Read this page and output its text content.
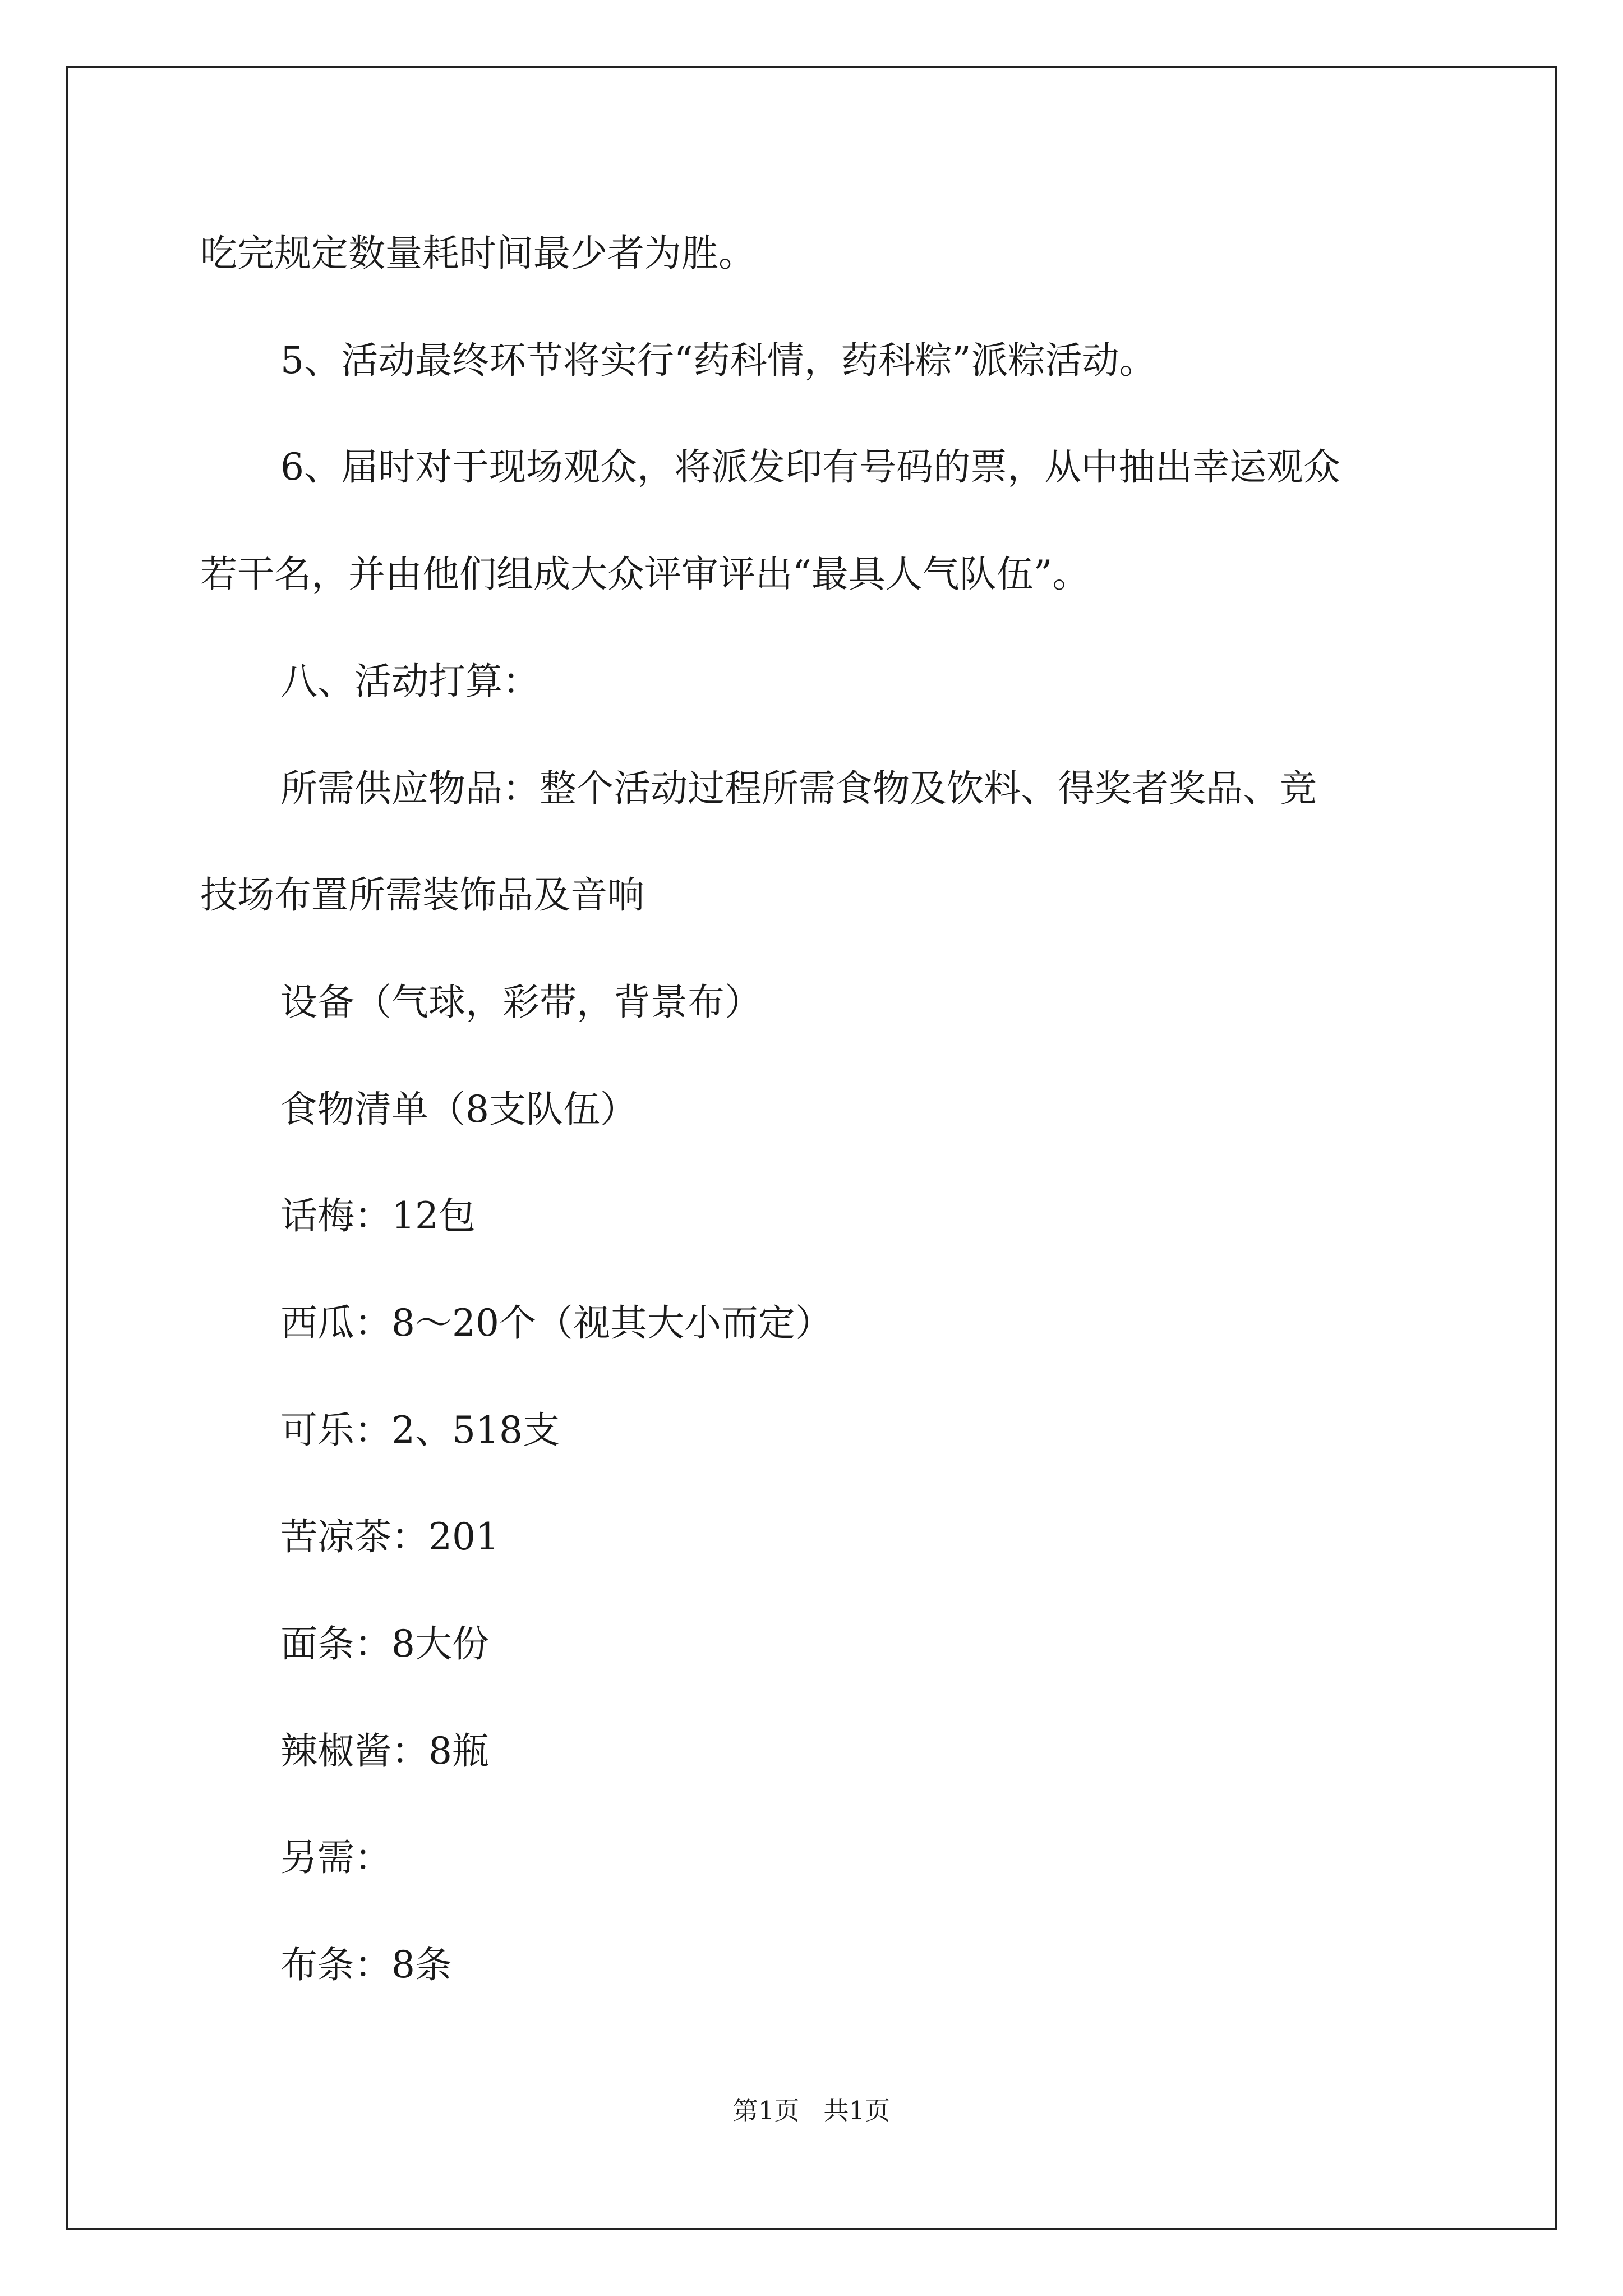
吃完规定数量耗时间最少者为胜。
5、活动最终环节将实行“药科情，药科粽”派粽活动。
6、届时对于现场观众，将派发印有号码的票，从中抽出幸运观众
若干名，并由他们组成大众评审评出“最具人气队伍”。
八、活动打算：
所需供应物品：整个活动过程所需食物及饮料、得奖者奖品、竞
技场布置所需装饰品及音响
设备（气球，彩带，背景布）
食物清单（8支队伍）
话梅：12包
西瓜：8～20个（视其大小而定）
可乐：2、518支
苦凉茶：201
面条：8大份
辣椒酱：8瓶
另需：
布条：8条
第1页   共1页
